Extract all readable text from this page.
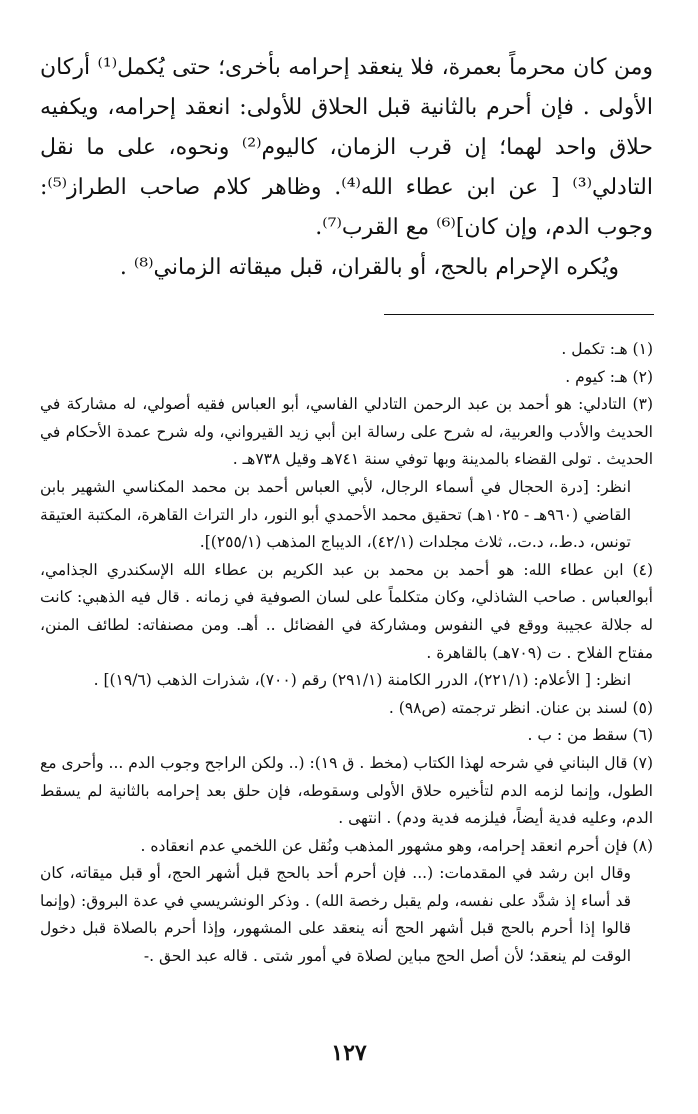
ومن كان محرماً بعمرة، فلا ينعقد إحرامه بأخرى؛ حتى يُكمل⁽¹⁾ أركان الأولى . فإن أحرم بالثانية قبل الحلاق للأولى: انعقد إحرامه، ويكفيه حلاق واحد لهما؛ إن قرب الزمان، كاليوم⁽²⁾ ونحوه، على ما نقل التادلي⁽³⁾ [ عن ابن عطاء الله⁽⁴⁾. وظاهر كلام صاحب الطراز⁽⁵⁾: وجوب الدم، وإن كان]⁽⁶⁾ مع القرب⁽⁷⁾.

ويُكره الإحرام بالحج، أو بالقران، قبل ميقاته الزماني⁽⁸⁾ .

(١) هـ: تكمل .

(٢) هـ: كيوم .

(٣) التادلي: هو أحمد بن عبد الرحمن التادلي الفاسي، أبو العباس فقيه أصولي، له مشاركة في الحديث والأدب والعربية، له شرح على رسالة ابن أبي زيد القيرواني، وله شرح عمدة الأحكام في الحديث . تولى القضاء بالمدينة وبها توفي سنة ٧٤١هـ وقيل ٧٣٨هـ .

انظر: [درة الحجال في أسماء الرجال، لأبي العباس أحمد بن محمد المكناسي الشهير بابن القاضي (٩٦٠هـ - ١٠٢٥هـ) تحقيق محمد الأحمدي أبو النور، دار التراث القاهرة، المكتبة العتيقة تونس، د.ط.، د.ت.، ثلاث مجلدات (٤٢/١)، الديباج المذهب (٢٥٥/١)].

(٤) ابن عطاء الله: هو أحمد بن محمد بن عبد الكريم بن عطاء الله الإسكندري الجذامي، أبوالعباس . صاحب الشاذلي، وكان متكلماً على لسان الصوفية في زمانه . قال فيه الذهبي: كانت له جلالة عجيبة ووقع في النفوس ومشاركة في الفضائل .. أهـ. ومن مصنفاته: لطائف المنن، مفتاح الفلاح . ت (٧٠٩هـ) بالقاهرة .

انظر: [ الأعلام: (٢٢١/١)، الدرر الكامنة (٢٩١/١) رقم (٧٠٠)، شذرات الذهب (١٩/٦)] .

(٥) لسند بن عنان. انظر ترجمته (ص٩٨) .

(٦) سقط من : ب .

(٧) قال البناني في شرحه لهذا الكتاب (مخط . ق ١٩): (.. ولكن الراجح وجوب الدم ... وأحرى مع الطول، وإنما لزمه الدم لتأخيره حلاق الأولى وسقوطه، فإن حلق بعد إحرامه بالثانية لم يسقط الدم، وعليه فدية أيضاً، فيلزمه فدية ودم) . انتهى .

(٨) فإن أحرم انعقد إحرامه، وهو مشهور المذهب ونُقل عن اللخمي عدم انعقاده .

وقال ابن رشد في المقدمات: (... فإن أحرم أحد بالحج قبل أشهر الحج، أو قبل ميقاته، كان قد أساء إذ شدَّد على نفسه، ولم يقبل رخصة الله) . وذكر الونشريسي في عدة البروق: (وإنما قالوا إذا أحرم بالحج قبل أشهر الحج أنه ينعقد على المشهور، وإذا أحرم بالصلاة قبل دخول الوقت لم ينعقد؛ لأن أصل الحج مباين لصلاة في أمور شتى . قاله عبد الحق .-

١٢٧
